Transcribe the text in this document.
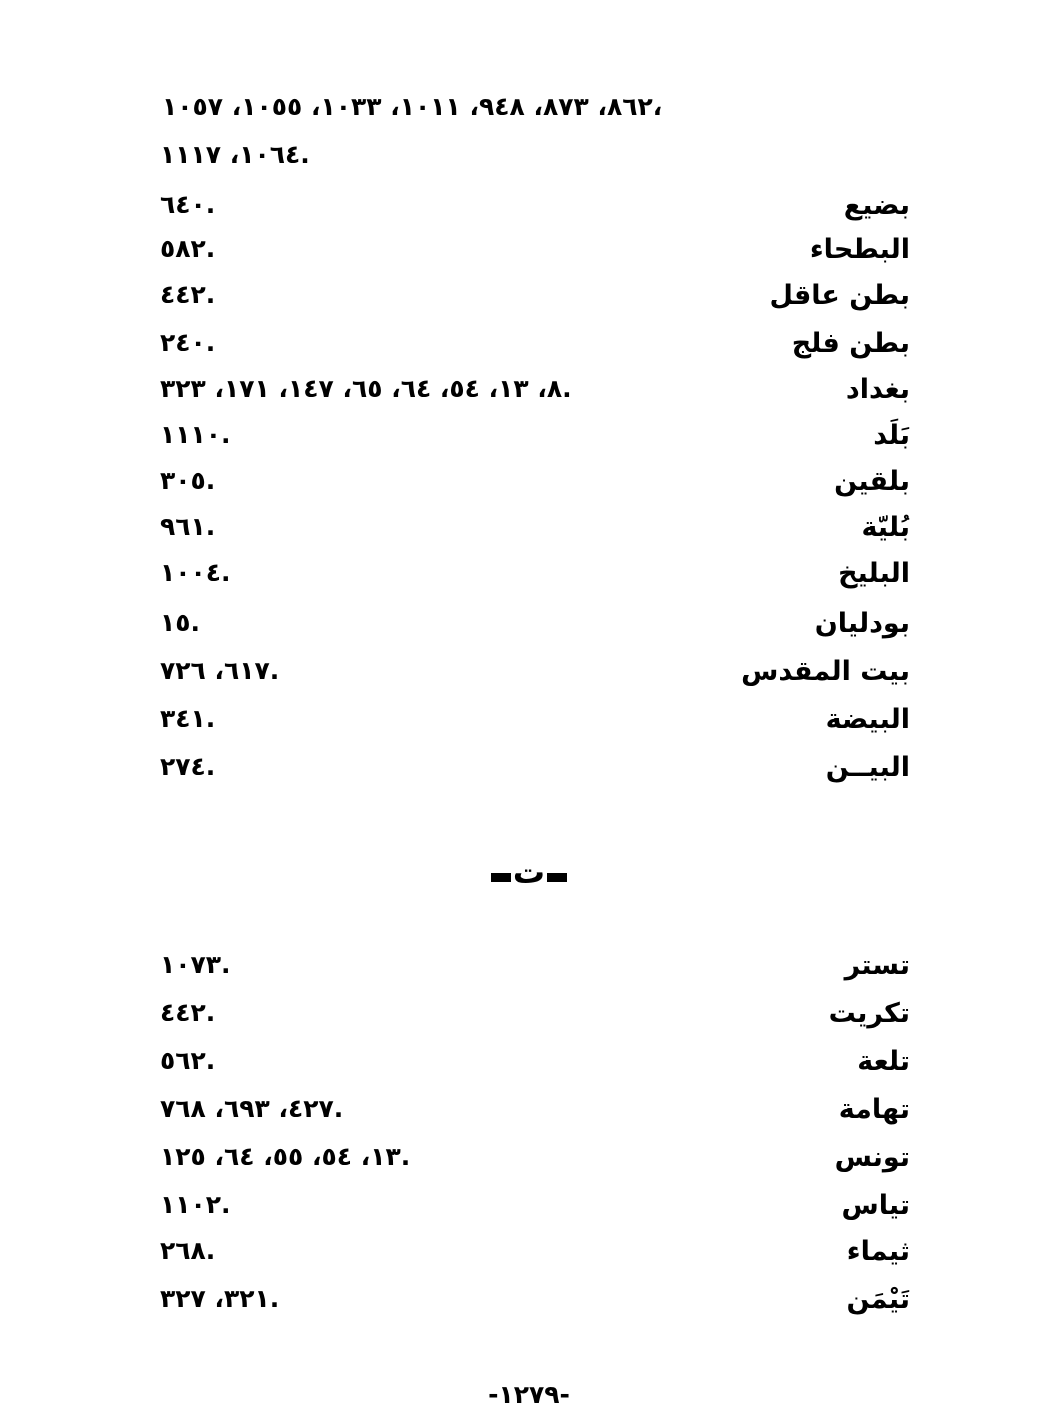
٨٦٢، ٨٧٣، ٩٤٨، ١٠١١، ١٠٣٣، ١٠٥٥، ١٠٥٧،
١٠٦٤، ١١١٧.
بضيع
٦٤٠.
البطحاء
٥٨٢.
بطن عاقل
٤٤٢.
بطن فلج
٢٤٠.
بغداد
٨، ١٣، ٥٤، ٦٤، ٦٥، ١٤٧، ١٧١، ٣٢٣.
بَلَد
١١١٠.
بلقين
٣٠٥.
بُليّة
٩٦١.
البليخ
١٠٠٤.
بودليان
١٥.
بيت المقدس
٦١٧، ٧٢٦.
البيضة
٣٤١.
البيــن
٢٧٤.
ت
تستر
١٠٧٣.
تكريت
٤٤٢.
تلعة
٥٦٢.
تهامة
٤٢٧، ٦٩٣، ٧٦٨.
تونس
١٣، ٥٤، ٥٥، ٦٤، ١٢٥.
تياس
١١٠٢.
ثيماء
٢٦٨.
تَيْمَن
٣٢١، ٣٢٧.
-١٢٧٩-
